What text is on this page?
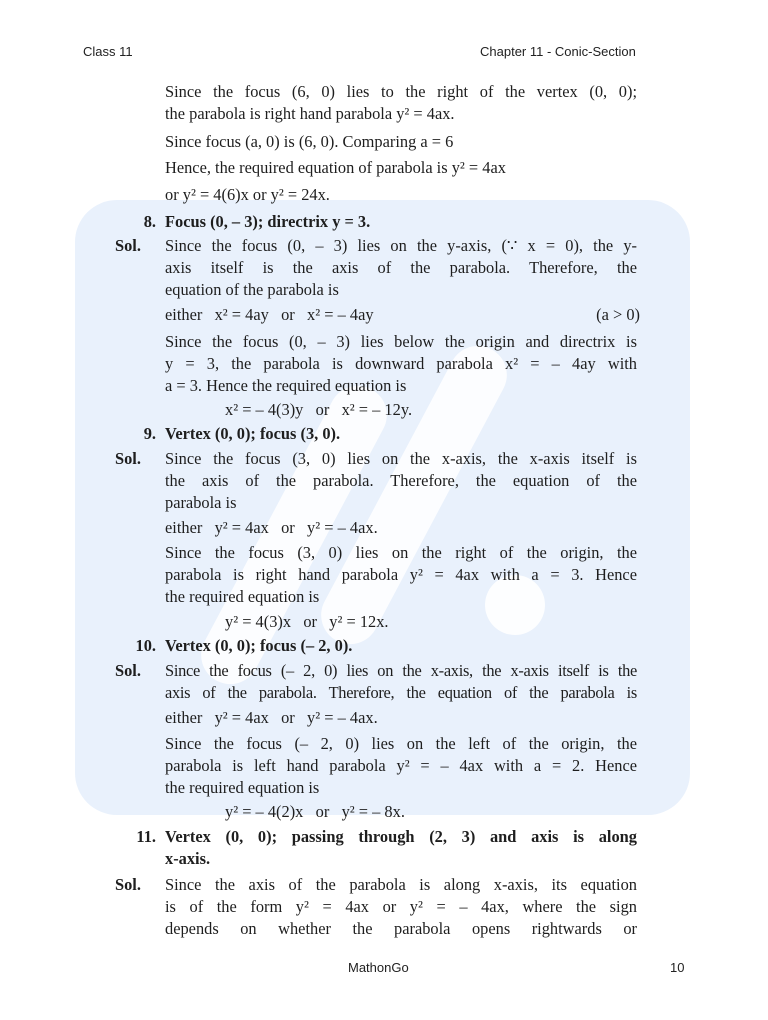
Class 11	Chapter 11 - Conic-Section
Since the focus (6, 0) lies to the right of the vertex (0, 0);
the parabola is right hand parabola y² = 4ax.
Since focus (a, 0) is (6, 0). Comparing a = 6
Hence, the required equation of parabola is y² = 4ax
or y² = 4(6)x or y² = 24x.
8. Focus (0, – 3); directrix y = 3.
Sol. Since the focus (0, – 3) lies on the y-axis, (∵ x = 0), the y-
axis itself is the axis of the parabola. Therefore, the
equation of the parabola is
either   x² = 4ay   or   x² = – 4ay	(a > 0)
Since the focus (0, – 3) lies below the origin and directrix is
y = 3, the parabola is downward parabola x² = – 4ay with
a = 3. Hence the required equation is
x² = – 4(3)y   or   x² = – 12y.
9. Vertex (0, 0); focus (3, 0).
Sol. Since the focus (3, 0) lies on the x-axis, the x-axis itself is
the axis of the parabola. Therefore, the equation of the
parabola is
either   y² = 4ax   or   y² = – 4ax.
Since the focus (3, 0) lies on the right of the origin, the
parabola is right hand parabola y² = 4ax with a = 3. Hence
the required equation is
y² = 4(3)x   or   y² = 12x.
10. Vertex (0, 0); focus (– 2, 0).
Sol. Since the focus (– 2, 0) lies on the x-axis, the x-axis itself is the
axis of the parabola. Therefore, the equation of the parabola is
either   y² = 4ax   or   y² = – 4ax.
Since the focus (– 2, 0) lies on the left of the origin, the
parabola is left hand parabola y² = – 4ax with a = 2. Hence
the required equation is
y² = – 4(2)x   or   y² = – 8x.
11. Vertex (0, 0); passing through (2, 3) and axis is along
x-axis.
Sol. Since the axis of the parabola is along x-axis, its equation
is of the form y² = 4ax or y² = – 4ax, where the sign
depends on whether the parabola opens rightwards or
MathonGo	10
